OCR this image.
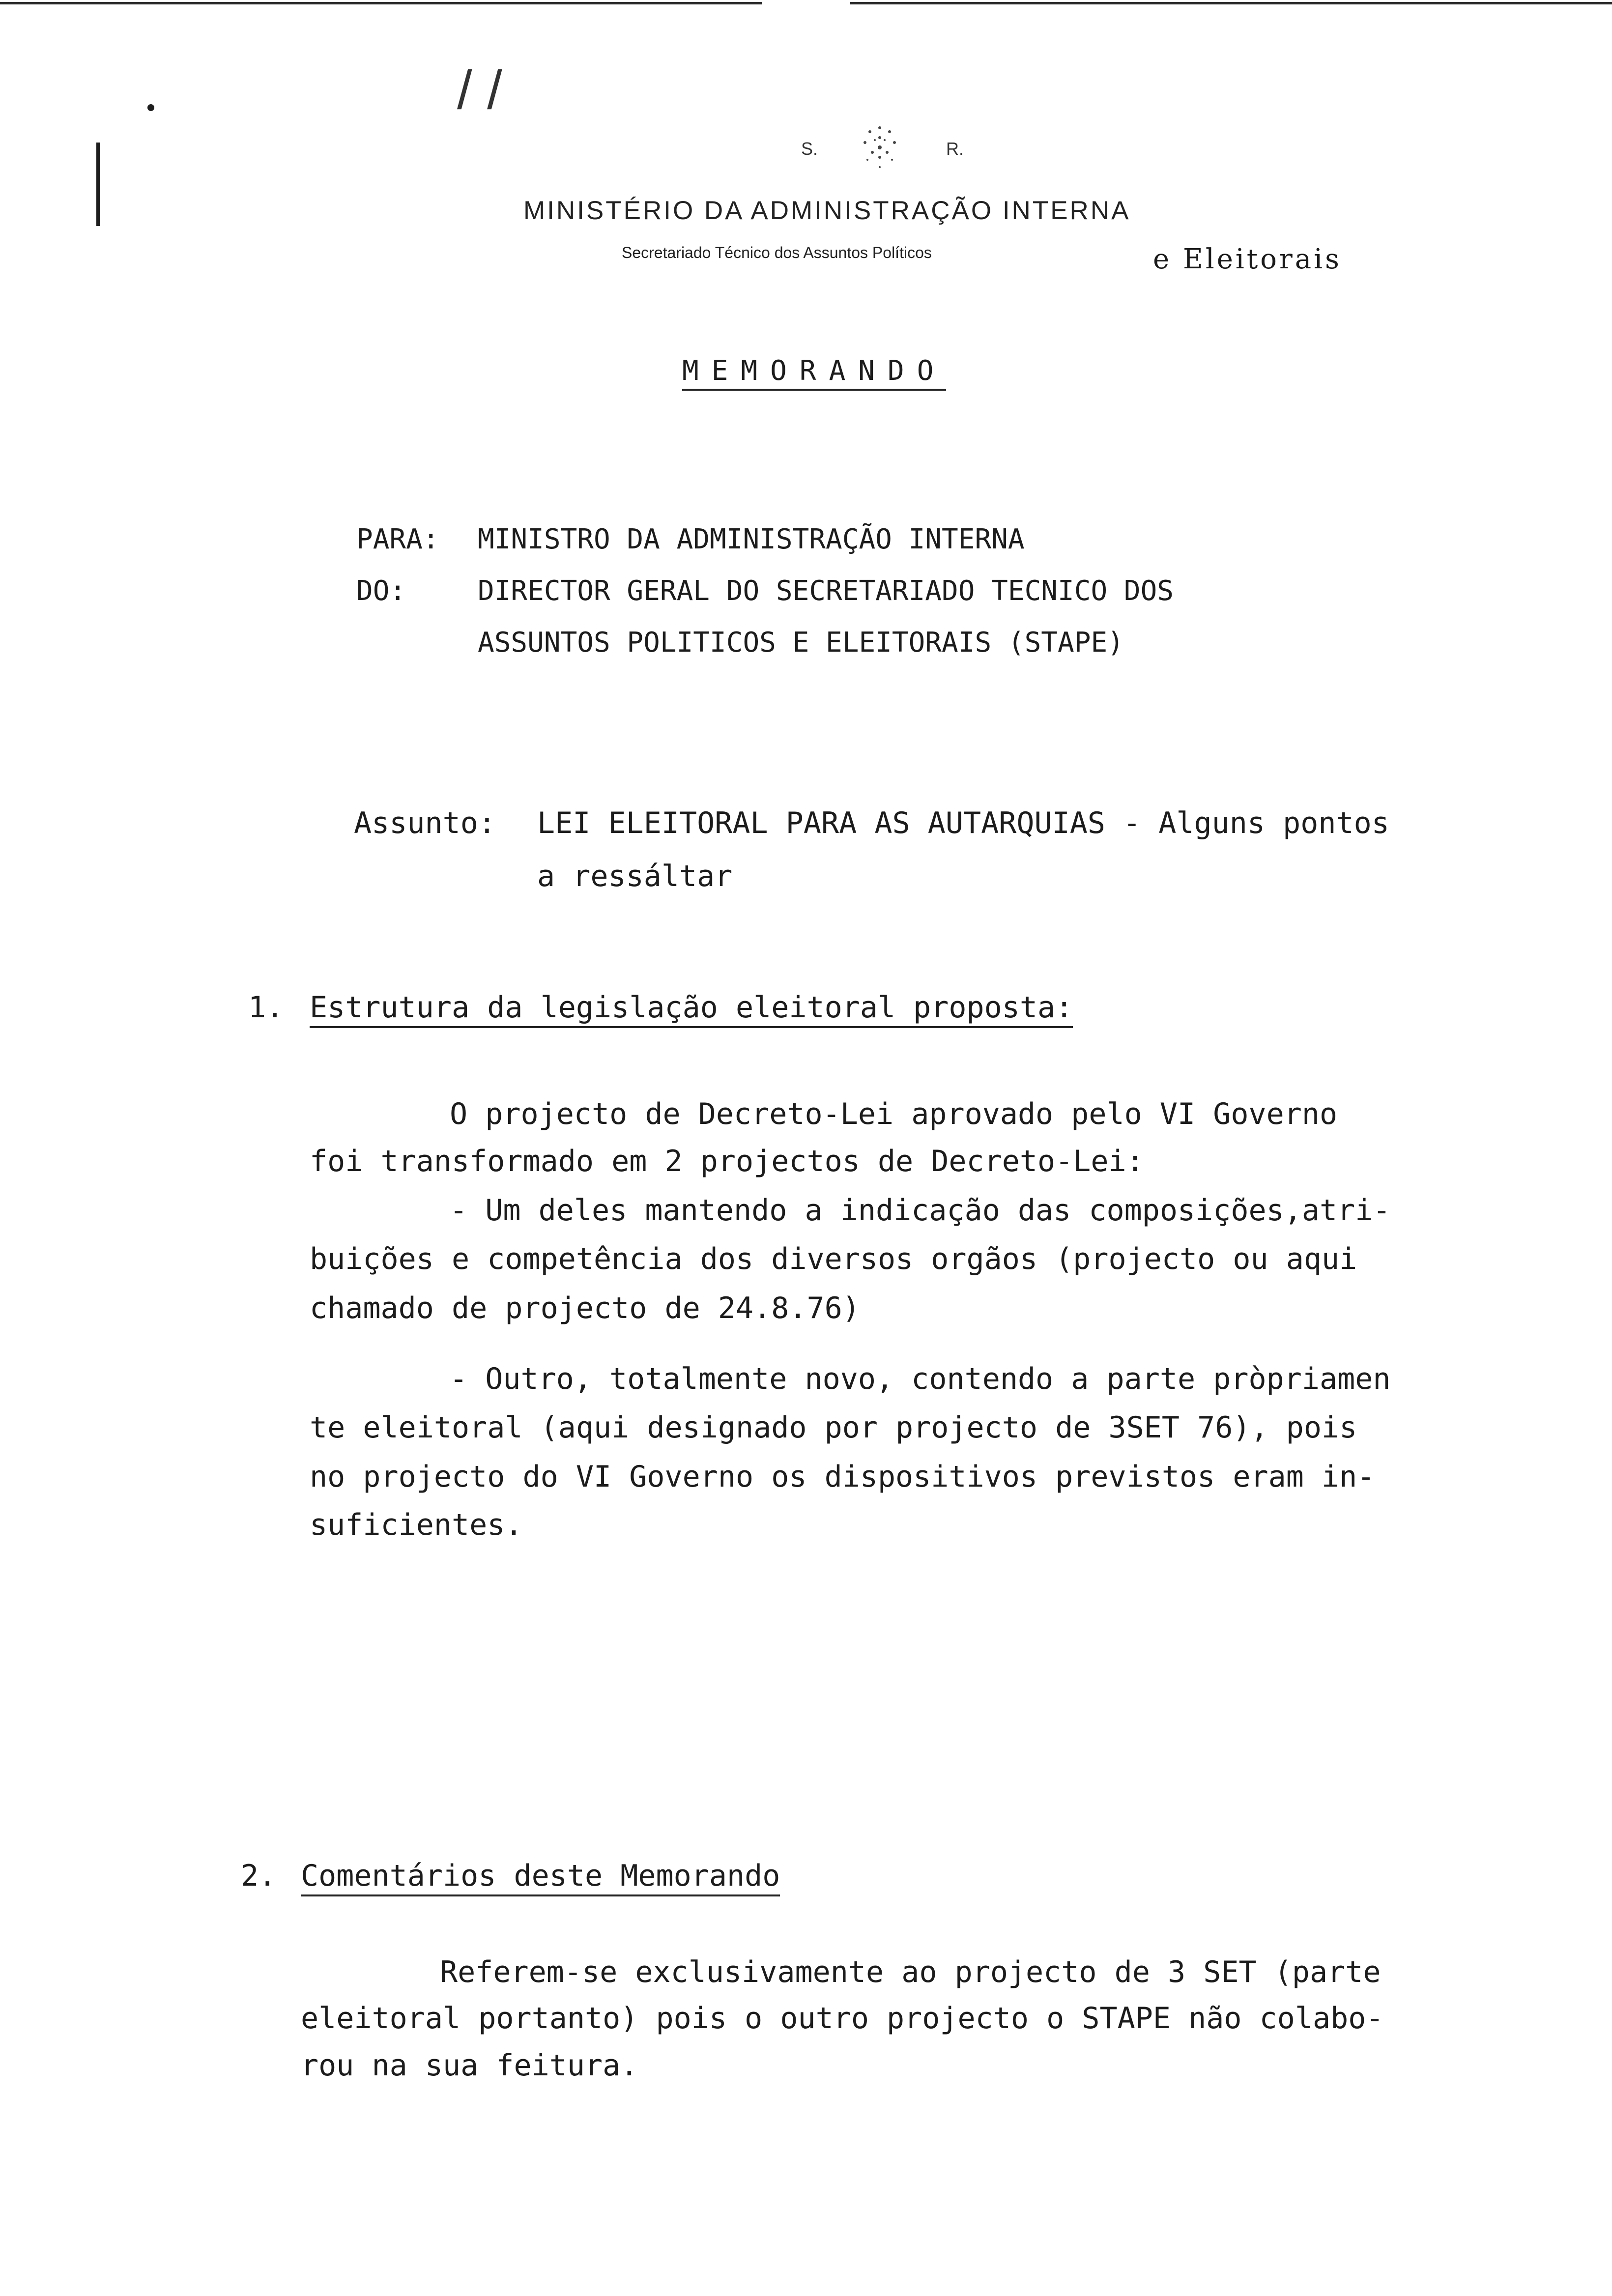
/ /
S.	R.
MINISTÉRIO DA ADMINISTRAÇÃO INTERNA
Secretariado Técnico dos Assuntos Políticos	e Eleitorais
MEMORANDO
PARA: MINISTRO DA ADMINISTRAÇÃO INTERNA
DO:	DIRECTOR GERAL DO SECRETARIADO TECNICO DOS
ASSUNTOS POLITICOS E ELEITORAIS (STAPE)
Assunto: LEI ELEITORAL PARA AS AUTARQUIAS - Alguns pontos
a ressáltar
1. Estrutura da legislação eleitoral proposta:
O projecto de Decreto-Lei aprovado pelo VI Governo
foi transformado em 2 projectos de Decreto-Lei:
- Um deles mantendo a indicação das composições,atri-
buições e competência dos diversos orgãos (projecto ou aqui
chamado de projecto de 24.8.76)
- Outro, totalmente novo, contendo a parte pròpriamen
te eleitoral (aqui designado por projecto de 3SET 76), pois
no projecto do VI Governo os dispositivos previstos eram in-
suficientes.
2. Comentários deste Memorando
Referem-se exclusivamente ao projecto de 3 SET (parte
eleitoral portanto) pois o outro projecto o STAPE não colabo-
rou na sua feitura.
